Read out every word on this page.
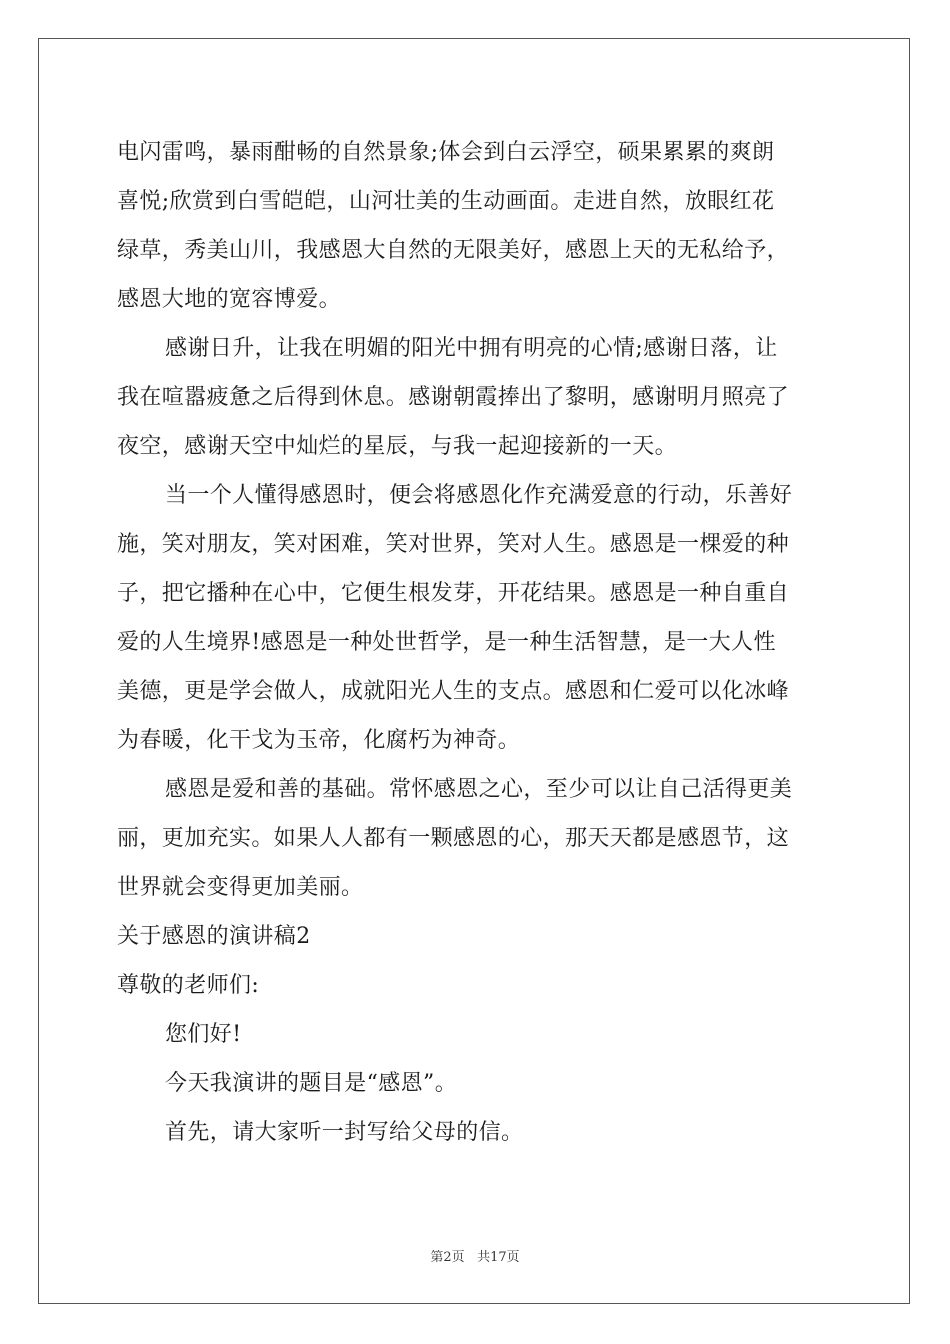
电闪雷鸣，暴雨酣畅的自然景象;体会到白云浮空，硕果累累的爽朗
喜悦;欣赏到白雪皑皑，山河壮美的生动画面。走进自然，放眼红花
绿草，秀美山川，我感恩大自然的无限美好，感恩上天的无私给予，
感恩大地的宽容博爱。
感谢日升，让我在明媚的阳光中拥有明亮的心情;感谢日落，让
我在喧嚣疲惫之后得到休息。感谢朝霞捧出了黎明，感谢明月照亮了
夜空，感谢天空中灿烂的星辰，与我一起迎接新的一天。
当一个人懂得感恩时，便会将感恩化作充满爱意的行动，乐善好
施，笑对朋友，笑对困难，笑对世界，笑对人生。感恩是一棵爱的种
子，把它播种在心中，它便生根发芽，开花结果。感恩是一种自重自
爱的人生境界!感恩是一种处世哲学，是一种生活智慧，是一大人性
美德，更是学会做人，成就阳光人生的支点。感恩和仁爱可以化冰峰
为春暖，化干戈为玉帝，化腐朽为神奇。
感恩是爱和善的基础。常怀感恩之心，至少可以让自己活得更美
丽，更加充实。如果人人都有一颗感恩的心，那天天都是感恩节，这
世界就会变得更加美丽。
关于感恩的演讲稿2
尊敬的老师们:
您们好!
今天我演讲的题目是“感恩”。
首先，请大家听一封写给父母的信。
第2页 共17页
